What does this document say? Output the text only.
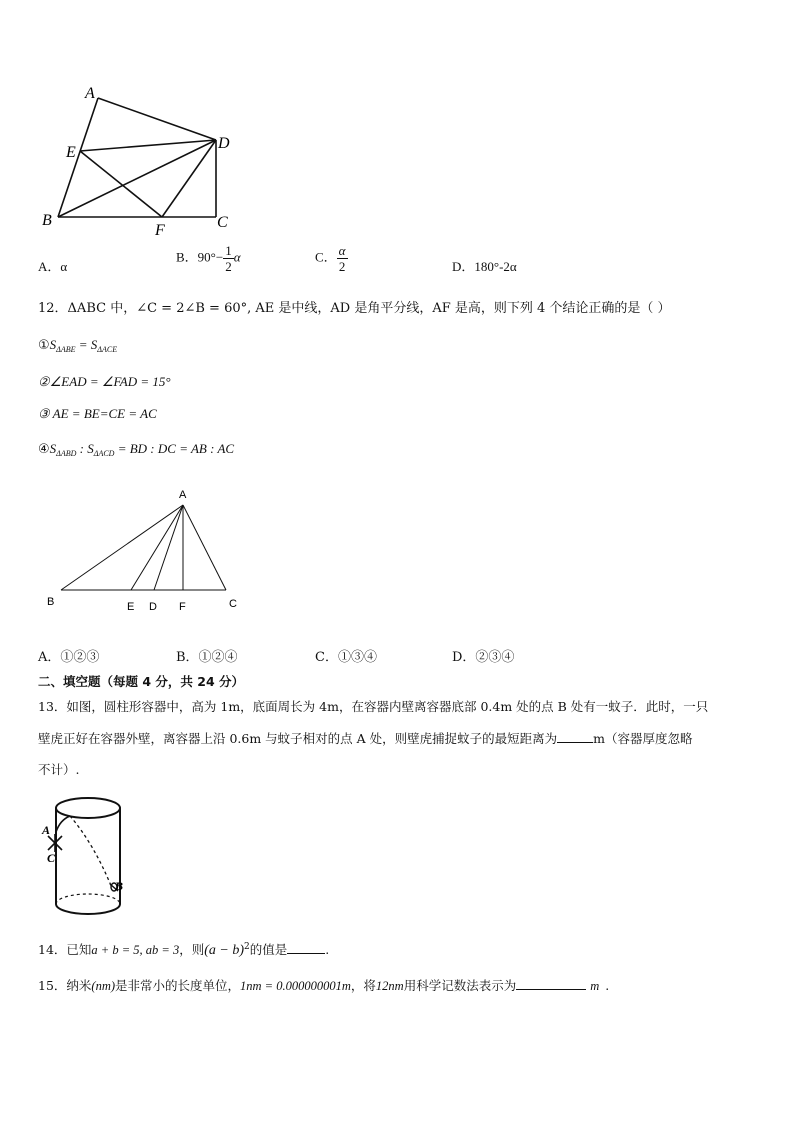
A
E
D
B
F	C
A．α
B．$90^\circ- \frac{1}{2}$ α	C． $\frac{\alpha}{2}$	D．180°-2α
12．ΔABC 中，∠C = 2∠B = 60°, AE 是中线，AD 是角平分线，AF 是高，则下列 4 个结论正确的是（ ）
$①S_{\Delta ABE} = S_{\Delta ACE}$
②∠EAD = ∠FAD = 15°
③ AE = BE=CE = AC
$④S_{\Delta ABD}$ : $S_{\Delta ACD}$ = BD : DC = AB : AC
A
B	E D F	C
A．①②③	B．①②④	C．①③④	D．②③④
二、填空题（每题 4 分，共 24 分）
13．如图，圆柱形容器中，高为 1m，底面周长为 4m，在容器内壁离容器底部 0.4m 处的点 B 处有一蚊子．此时，一只
壁虎正好在容器外壁，离容器上沿 0.6m 与蚊子相对的点 A 处，则壁虎捕捉蚊子的最短距离为	m（容器厚度忽略
不计）.
A
C
B
14．已知a + b = 5, ab = 3，则$(a - b)^2$的值是	.
15．纳米(nm)是非常小的长度单位，1nm = 0.000000001m，将12nm用科学记数法表示为	m .
